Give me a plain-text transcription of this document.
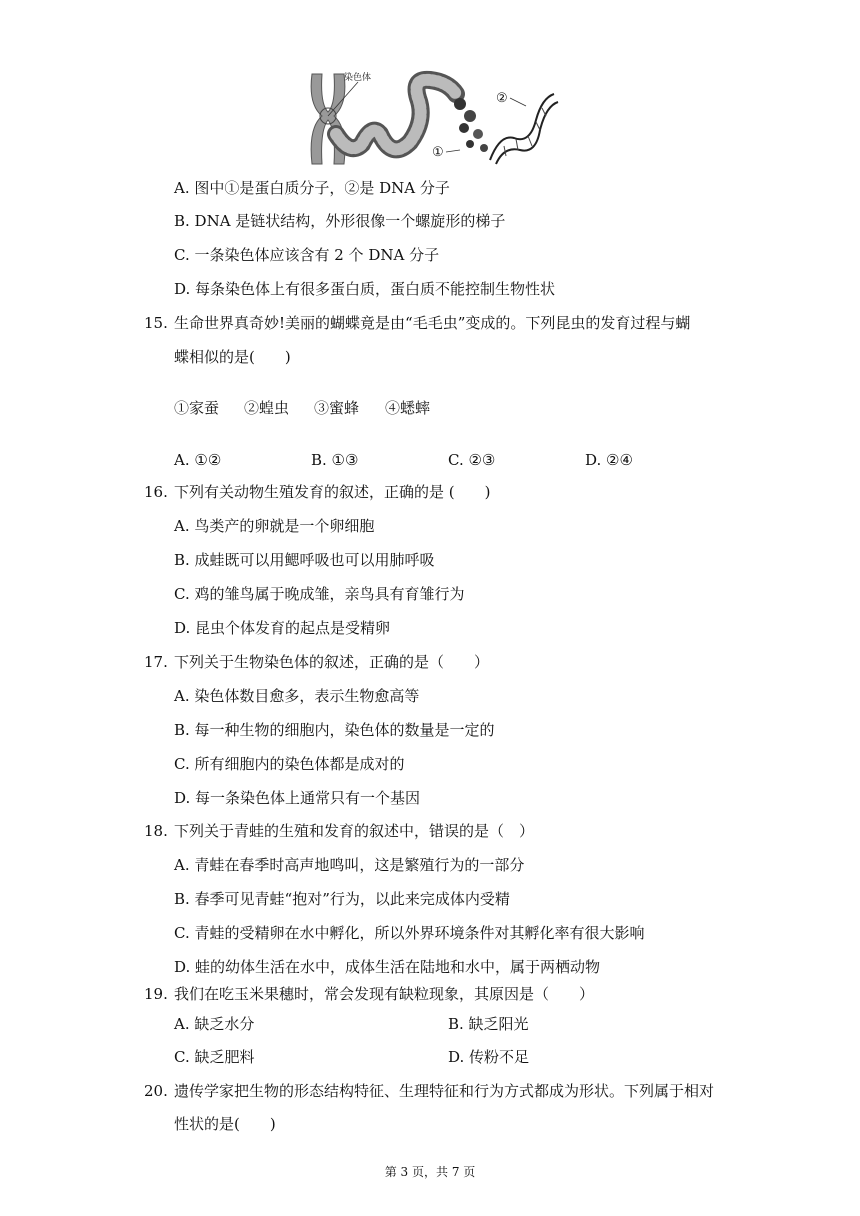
染色体
①
②
A. 图中①是蛋白质分子，②是 DNA 分子
B. DNA 是链状结构，外形很像一个螺旋形的梯子
C. 一条染色体应该含有 2 个 DNA 分子
D. 每条染色体上有很多蛋白质，蛋白质不能控制生物性状
15. 生命世界真奇妙!美丽的蝴蝶竟是由“毛毛虫”变成的。下列昆虫的发育过程与蝴
蝶相似的是(　　)
①家蚕 ②蝗虫 ③蜜蜂 ④蟋蟀
A. ①②	B. ①③	C. ②③	D. ②④
16. 下列有关动物生殖发育的叙述，正确的是 (　　)
A. 鸟类产的卵就是一个卵细胞
B. 成蛙既可以用鳃呼吸也可以用肺呼吸
C. 鸡的雏鸟属于晚成雏，亲鸟具有育雏行为
D. 昆虫个体发育的起点是受精卵
17. 下列关于生物染色体的叙述，正确的是（　　）
A. 染色体数目愈多，表示生物愈高等
B. 每一种生物的细胞内，染色体的数量是一定的
C. 所有细胞内的染色体都是成对的
D. 每一条染色体上通常只有一个基因
18. 下列关于青蛙的生殖和发育的叙述中，错误的是（　）
A. 青蛙在春季时高声地鸣叫，这是繁殖行为的一部分
B. 春季可见青蛙“抱对”行为，以此来完成体内受精
C. 青蛙的受精卵在水中孵化，所以外界环境条件对其孵化率有很大影响
D. 蛙的幼体生活在水中，成体生活在陆地和水中，属于两栖动物
19. 我们在吃玉米果穗时，常会发现有缺粒现象，其原因是（　　）
A. 缺乏水分	B. 缺乏阳光
C. 缺乏肥料	D. 传粉不足
20. 遗传学家把生物的形态结构特征、生理特征和行为方式都成为形状。下列属于相对
性状的是(　　)
第 3 页，共 7 页
